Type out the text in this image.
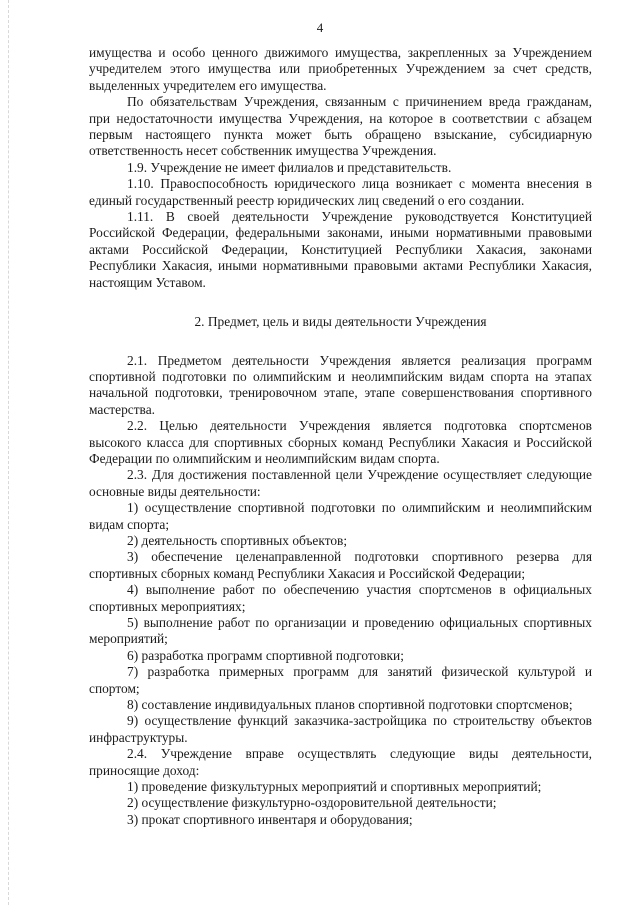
4

имущества и особо ценного движимого имущества, закрепленных за Учреждением учредителем этого имущества или приобретенных Учреждением за счет средств, выделенных учредителем его имущества.

По обязательствам Учреждения, связанным с причинением вреда гражданам, при недостаточности имущества Учреждения, на которое в соответствии с абзацем первым настоящего пункта может быть обращено взыскание, субсидиарную ответственность несет собственник имущества Учреждения.

1.9. Учреждение не имеет филиалов и представительств.

1.10. Правоспособность юридического лица возникает с момента внесения в единый государственный реестр юридических лиц сведений о его создании.

1.11. В своей деятельности Учреждение руководствуется Конституцией Российской Федерации, федеральными законами, иными нормативными правовыми актами Российской Федерации, Конституцией Республики Хакасия, законами Республики Хакасия, иными нормативными правовыми актами Республики Хакасия, настоящим Уставом.

2. Предмет, цель и виды деятельности Учреждения

2.1. Предметом деятельности Учреждения является реализация программ спортивной подготовки по олимпийским и неолимпийским видам спорта на этапах начальной подготовки, тренировочном этапе, этапе совершенствования спортивного мастерства.

2.2. Целью деятельности Учреждения является подготовка спортсменов высокого класса для спортивных сборных команд Республики Хакасия и Российской Федерации по олимпийским и неолимпийским видам спорта.

2.3. Для достижения поставленной цели Учреждение осуществляет следующие основные виды деятельности:

1) осуществление спортивной подготовки по олимпийским и неолимпийским видам спорта;

2) деятельность спортивных объектов;

3) обеспечение целенаправленной подготовки спортивного резерва для спортивных сборных команд Республики Хакасия и Российской Федерации;

4) выполнение работ по обеспечению участия спортсменов в официальных спортивных мероприятиях;

5) выполнение работ по организации и проведению официальных спортивных мероприятий;

6) разработка программ спортивной подготовки;

7) разработка примерных программ для занятий физической культурой и спортом;

8) составление индивидуальных планов спортивной подготовки спортсменов;

9) осуществление функций заказчика-застройщика по строительству объектов инфраструктуры.

2.4. Учреждение вправе осуществлять следующие виды деятельности, приносящие доход:

1) проведение физкультурных мероприятий и спортивных мероприятий;

2) осуществление физкультурно-оздоровительной деятельности;

3) прокат спортивного инвентаря и оборудования;
